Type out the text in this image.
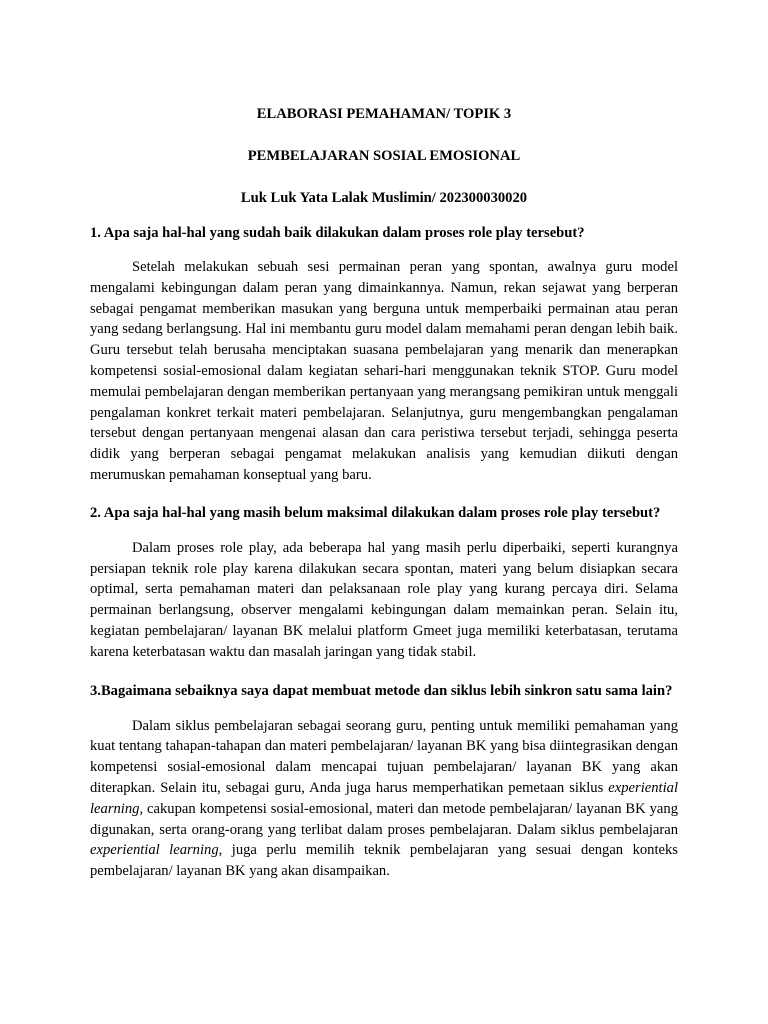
ELABORASI PEMAHAMAN/ TOPIK 3

PEMBELAJARAN SOSIAL EMOSIONAL

Luk Luk Yata Lalak Muslimin/ 202300030020

1. Apa saja hal-hal yang sudah baik dilakukan dalam proses role play tersebut?

Setelah melakukan sebuah sesi permainan peran yang spontan, awalnya guru model mengalami kebingungan dalam peran yang dimainkannya. Namun, rekan sejawat yang berperan sebagai pengamat memberikan masukan yang berguna untuk memperbaiki permainan atau peran yang sedang berlangsung. Hal ini membantu guru model dalam memahami peran dengan lebih baik. Guru tersebut telah berusaha menciptakan suasana pembelajaran yang menarik dan menerapkan kompetensi sosial-emosional dalam kegiatan sehari-hari menggunakan teknik STOP. Guru model memulai pembelajaran dengan memberikan pertanyaan yang merangsang pemikiran untuk menggali pengalaman konkret terkait materi pembelajaran. Selanjutnya, guru mengembangkan pengalaman tersebut dengan pertanyaan mengenai alasan dan cara peristiwa tersebut terjadi, sehingga peserta didik yang berperan sebagai pengamat melakukan analisis yang kemudian diikuti dengan merumuskan pemahaman konseptual yang baru.

2. Apa saja hal-hal yang masih belum maksimal dilakukan dalam proses role play tersebut?

Dalam proses role play, ada beberapa hal yang masih perlu diperbaiki, seperti kurangnya persiapan teknik role play karena dilakukan secara spontan, materi yang belum disiapkan secara optimal, serta pemahaman materi dan pelaksanaan role play yang kurang percaya diri. Selama permainan berlangsung, observer mengalami kebingungan dalam memainkan peran. Selain itu, kegiatan pembelajaran/ layanan BK melalui platform Gmeet juga memiliki keterbatasan, terutama karena keterbatasan waktu dan masalah jaringan yang tidak stabil.

3.Bagaimana sebaiknya saya dapat membuat metode dan siklus lebih sinkron satu sama lain?

Dalam siklus pembelajaran sebagai seorang guru, penting untuk memiliki pemahaman yang kuat tentang tahapan-tahapan dan materi pembelajaran/ layanan BK yang bisa diintegrasikan dengan kompetensi sosial-emosional dalam mencapai tujuan pembelajaran/ layanan BK yang akan diterapkan. Selain itu, sebagai guru, Anda juga harus memperhatikan pemetaan siklus experiential learning, cakupan kompetensi sosial-emosional, materi dan metode pembelajaran/ layanan BK yang digunakan, serta orang-orang yang terlibat dalam proses pembelajaran. Dalam siklus pembelajaran experiential learning, juga perlu memilih teknik pembelajaran yang sesuai dengan konteks pembelajaran/ layanan BK yang akan disampaikan.
